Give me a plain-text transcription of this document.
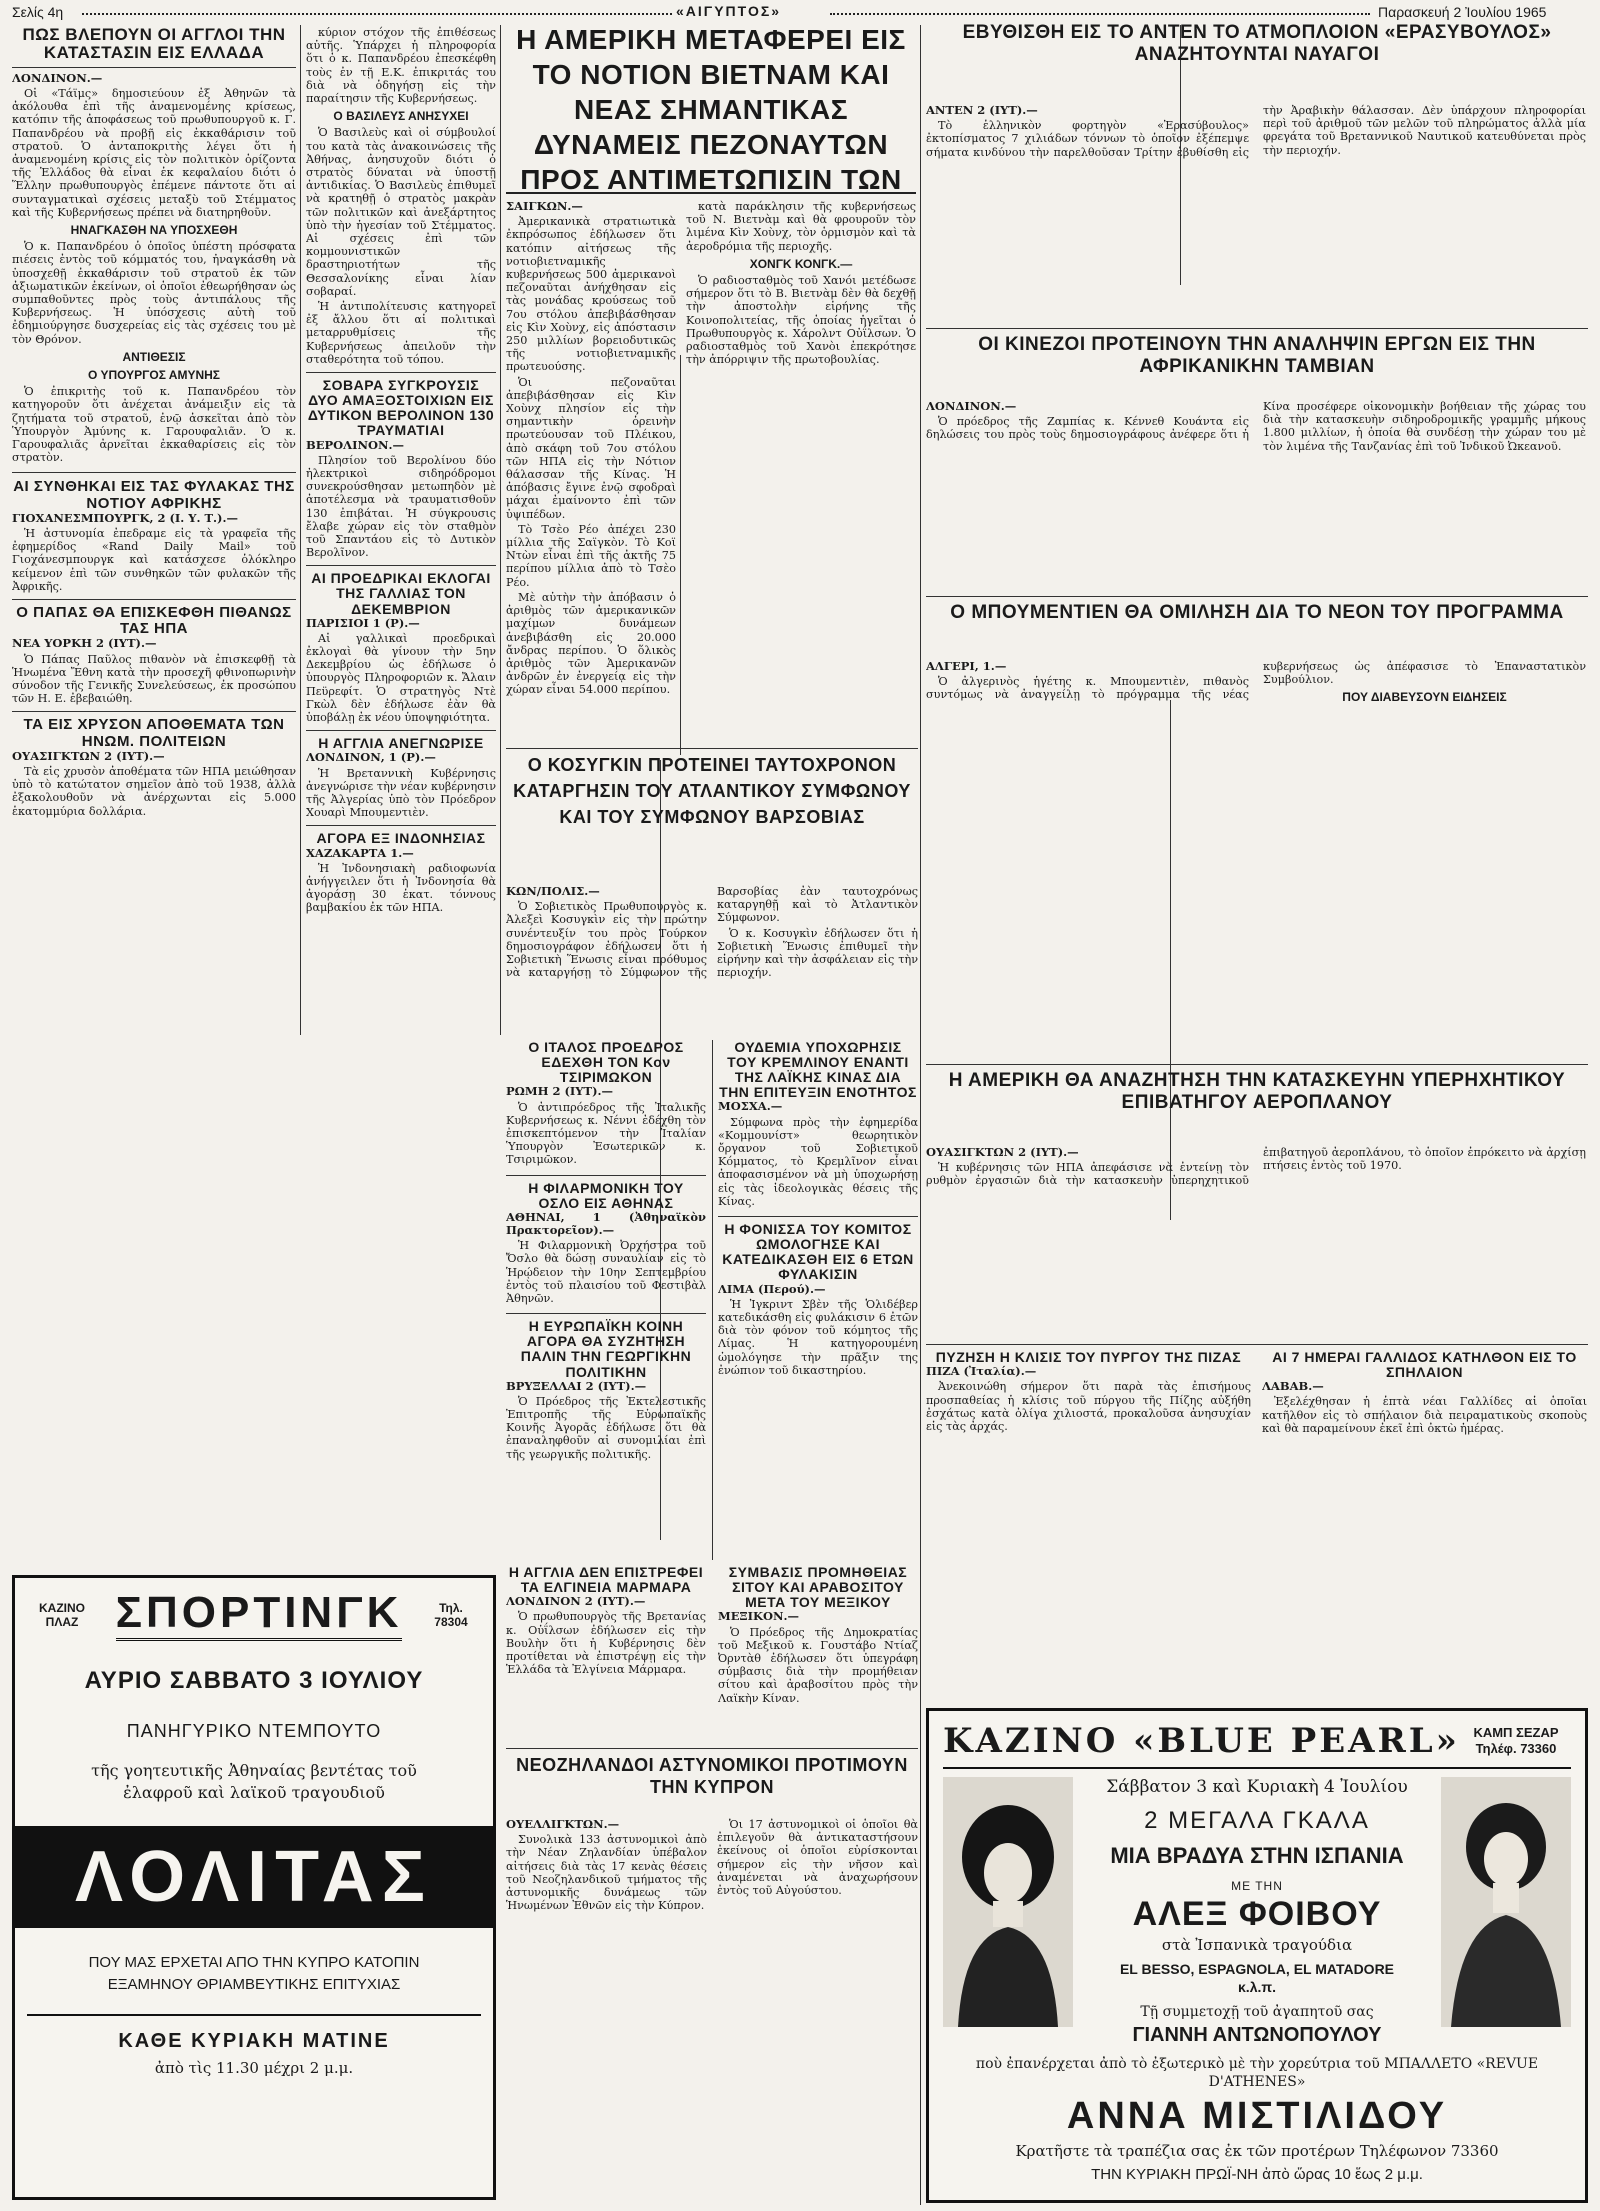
Σελίς 4η	«ΑΙΓΥΠΤΟΣ»	Παρασκευή 2 Ἰουλίου 1965
ΠΩΣ ΒΛΕΠΟΥΝ ΟΙ ΑΓΓΛΟΙ ΤΗΝ ΚΑΤΑΣΤΑΣΙΝ ΕΙΣ ΕΛΛΑΔΑ
ΛΟΝΔΙΝΟΝ.—

Οἱ «Τάϊμς» δημοσιεύουν ἐξ Ἀθηνῶν τὰ ἀκόλουθα ἐπὶ τῆς ἀναμενομένης κρίσεως, κατόπιν τῆς ἀποφάσεως τοῦ πρωθυπουργοῦ κ. Γ. Παπανδρέου νὰ προβῇ εἰς ἐκκαθάρισιν τοῦ στρατοῦ. Ὁ ἀνταποκριτὴς λέγει ὅτι ἡ ἀναμενομένη κρίσις εἰς τὸν πολιτικὸν ὁρίζοντα τῆς Ἑλλάδος θὰ εἶναι ἐκ κεφαλαίου διότι ὁ Ἕλλην πρωθυπουργὸς ἐπέμενε πάντοτε ὅτι αἱ συνταγματικαὶ σχέσεις μεταξὺ τοῦ Στέμματος καὶ τῆς Κυβερνήσεως πρέπει νὰ διατηρηθοῦν.

ΗΝΑΓΚΑΣΘΗ ΝΑ ΥΠΟΣΧΕΘΗ

Ὁ κ. Παπανδρέου ὁ ὁποῖος ὑπέστη πρόσφατα πιέσεις ἐντὸς τοῦ κόμματός του, ἠναγκάσθη νὰ ὑποσχεθῇ ἐκκαθάρισιν τοῦ στρατοῦ ἐκ τῶν ἀξιωματικῶν ἐκείνων, οἱ ὁποῖοι ἐθεωρήθησαν ὡς συμπαθοῦντες πρὸς τοὺς ἀντιπάλους τῆς Κυβερνήσεως. Ἡ ὑπόσχεσις αὐτὴ τοῦ ἐδημιούργησε δυσχερείας εἰς τὰς σχέσεις του μὲ τὸν Θρόνον.

ΑΝΤΙΘΕΣΙΣ
Ο ΥΠΟΥΡΓΟΣ ΑΜΥΝΗΣ

Ὁ ἐπικριτὴς τοῦ κ. Παπανδρέου τὸν κατηγοροῦν ὅτι ἀνέχεται ἀνάμειξιν εἰς τὰ ζητήματα τοῦ στρατοῦ, ἐνῷ ἀσκεῖται ἀπὸ τὸν Ὑπουργὸν Ἀμύνης κ. Γαρουφαλιᾶν. Ὁ κ. Γαρουφαλιᾶς ἀρνεῖται ἐκκαθαρίσεις εἰς τὸν στρατὸν.

ΑΙ ΣΥΝΘΗΚΑΙ ΕΙΣ ΤΑΣ ΦΥΛΑΚΑΣ ΤΗΣ ΝΟΤΙΟΥ ΑΦΡΙΚΗΣ
ΓΙΟΧΑΝΕΣΜΠΟΥΡΓΚ, 2 (Ι. Υ. Τ.).—

Ἡ ἀστυνομία ἐπεδραμε εἰς τὰ γραφεῖα τῆς ἐφημερίδος «Rand Daily Mail» τοῦ Γιοχάνεσμπουργκ καὶ κατάσχεσε ὁλόκληρο κείμενον ἐπὶ τῶν συνθηκῶν τῶν φυλακῶν τῆς Ἀφρικῆς.

Ο ΠΑΠΑΣ ΘΑ ΕΠΙΣΚΕΦΘΗ ΠΙΘΑΝΩΣ ΤΑΣ ΗΠΑ
ΝΕΑ ΥΟΡΚΗ 2 (ΙΥΤ).—

Ὁ Πάπας Παῦλος πιθανὸν νὰ ἐπισκεφθῇ τὰ Ἡνωμένα Ἔθνη κατὰ τὴν προσεχῆ φθινοπωρινὴν σύνοδον τῆς Γενικῆς Συνελεύσεως, ἐκ προσώπου τῶν Η. Ε. ἐβεβαιώθη.

ΤΑ ΕΙΣ ΧΡΥΣΟΝ ΑΠΟΘΕΜΑΤΑ ΤΩΝ ΗΝΩΜ. ΠΟΛΙΤΕΙΩΝ
ΟΥΑΣΙΓΚΤΩΝ 2 (ΙΥΤ).—

Τὰ εἰς χρυσὸν ἀποθέματα τῶν ΗΠΑ μειώθησαν ὑπὸ τὸ κατώτατον σημεῖον ἀπὸ τοῦ 1938, ἀλλὰ ἐξακολουθοῦν νὰ ἀνέρχωνται εἰς 5.000 ἑκατομμύρια δολλάρια.

κύριον στόχον τῆς ἐπιθέσεως αὐτῆς. Ὑπάρχει ἡ πληροφορία ὅτι ὁ κ. Παπανδρέου ἐπεσκέφθη τοὺς ἐν τῇ Ε.Κ. ἐπικριτάς του διὰ νὰ ὁδηγήσῃ εἰς τὴν παραίτησιν τῆς Κυβερνήσεως.

Ο ΒΑΣΙΛΕΥΣ ΑΝΗΣΥΧΕΙ

Ὁ Βασιλεὺς καὶ οἱ σύμβουλοί του κατὰ τὰς ἀνακοινώσεις τῆς Ἀθήνας, ἀνησυχοῦν διότι ὁ στρατὸς δύναται νὰ ὑποστῇ ἀντιδικίας. Ὁ Βασιλεὺς ἐπιθυμεῖ νὰ κρατηθῇ ὁ στρατὸς μακρὰν τῶν πολιτικῶν καὶ ἀνεξάρτητος ὑπὸ τὴν ἡγεσίαν τοῦ Στέμματος. Αἱ σχέσεις ἐπὶ τῶν κομμουνιστικῶν δραστηριοτήτων τῆς Θεσσαλονίκης εἶναι λίαν σοβαραί.

Ἡ ἀντιπολίτευσις κατηγορεῖ ἐξ ἄλλου ὅτι αἱ πολιτικαὶ μεταρρυθμίσεις τῆς Κυβερνήσεως ἀπειλοῦν τὴν σταθερότητα τοῦ τόπου.

ΣΟΒΑΡΑ ΣΥΓΚΡΟΥΣΙΣ ΔΥΟ ΑΜΑΞΟΣΤΟΙΧΙΩΝ ΕΙΣ ΔΥΤΙΚΟΝ ΒΕΡΟΛΙΝΟΝ 130 ΤΡΑΥΜΑΤΙΑΙ
ΒΕΡΟΛΙΝΟΝ.—

Πλησίον τοῦ Βερολίνου δύο ἠλεκτρικοὶ σιδηρόδρομοι συνεκρούσθησαν μετωπηδὸν μὲ ἀποτέλεσμα νὰ τραυματισθοῦν 130 ἐπιβάται. Ἡ σύγκρουσις ἔλαβε χώραν εἰς τὸν σταθμὸν τοῦ Σπαντάου εἰς τὸ Δυτικὸν Βερολῖνον.

ΑΙ ΠΡΟΕΔΡΙΚΑΙ ΕΚΛΟΓΑΙ ΤΗΣ ΓΑΛΛΙΑΣ ΤΟΝ ΔΕΚΕΜΒΡΙΟΝ
ΠΑΡΙΣΙΟΙ 1 (Ρ).—

Αἱ γαλλικαὶ προεδρικαὶ ἐκλογαὶ θὰ γίνουν τὴν 5ην Δεκεμβρίου ὡς ἐδήλωσε ὁ ὑπουργὸς Πληροφοριῶν κ. Ἄλαιν Πεϋρεφίτ. Ὁ στρατηγὸς Ντὲ Γκὼλ δὲν ἐδήλωσε ἐὰν θὰ ὑποβάλῃ ἐκ νέου ὑποψηφιότητα.

Η ΑΓΓΛΙΑ ΑΝΕΓΝΩΡΙΣΕ
ΛΟΝΔΙΝΟΝ, 1 (Ρ).—

Ἡ Βρεταννικὴ Κυβέρνησις ἀνεγνώρισε τὴν νέαν κυβέρνησιν τῆς Ἀλγερίας ὑπὸ τὸν Πρόεδρον Χουαρὶ Μπουμεντιὲν.

ΑΓΟΡΑ ΕΞ ΙΝΔΟΝΗΣΙΑΣ
ΧΑΖΑΚΑΡΤΑ 1.—

Ἡ Ἰνδονησιακὴ ραδιοφωνία ἀνήγγειλεν ὅτι ἡ Ἰνδονησία θὰ ἀγοράσῃ 30 ἑκατ. τόννους βαμβακίου ἐκ τῶν ΗΠΑ.

Η ΑΜΕΡΙΚΗ ΜΕΤΑΦΕΡΕΙ ΕΙΣ ΤΟ ΝΟΤΙΟΝ ΒΙΕΤΝΑΜ ΚΑΙ ΝΕΑΣ ΣΗΜΑΝΤΙΚΑΣ ΔΥΝΑΜΕΙΣ ΠΕΖΟΝΑΥΤΩΝ ΠΡΟΣ ΑΝΤΙΜΕΤΩΠΙΣΙΝ ΤΩΝ
ΣΑΙΓΚΩΝ.—

Ἀμερικανικὰ στρατιωτικὰ ἐκπρόσωπος ἐδήλωσεν ὅτι κατόπιν αἰτήσεως τῆς νοτιοβιετναμικῆς κυβερνήσεως 500 ἀμερικανοὶ πεζοναῦται ἀνήχθησαν εἰς τὰς μονάδας κρούσεως τοῦ 7ου στόλου ἀπεβιβάσθησαν εἰς Κὶν Χοὺνχ, εἰς ἀπόστασιν 250 μιλλίων βορειοδυτικῶς τῆς νοτιοβιετναμικῆς πρωτευούσης.

Ὁι πεζοναῦται ἀπεβιβάσθησαν εἰς Κὶν Χοὺνχ πλησίον εἰς τὴν σημαντικὴν ὁρεινὴν πρωτεύουσαν τοῦ Πλέικου, ἀπὸ σκάφη τοῦ 7ου στόλου τῶν ΗΠΑ εἰς τὴν Νότιον θάλασσαν τῆς Κίνας. Ἡ ἀπόβασις ἔγινε ἐνῷ σφοδραὶ μάχαι ἐμαίνοντο ἐπὶ τῶν ὑψιπέδων.

Τὸ Τσὲο Ρέο ἀπέχει 230 μίλλια τῆς Σαϊγκὸν. Τὸ Κοϊ Ντὼν εἶναι ἐπὶ τῆς ἀκτῆς 75 περίπου μίλλια ἀπὸ τὸ Τσὲο Ρέο.

Μὲ αὐτὴν τὴν ἀπόβασιν ὁ ἀριθμὸς τῶν ἀμερικανικῶν μαχίμων δυνάμεων ἀνεβιβάσθη εἰς 20.000 ἄνδρας περίπου. Ὁ ὅλικὸς ἀριθμὸς τῶν Ἀμερικανῶν ἀνδρῶν ἐν ἐνεργείᾳ εἰς τὴν χώραν εἶναι 54.000 περίπου.

κατὰ παράκλησιν τῆς κυβερνήσεως τοῦ Ν. Βιετνὰμ καὶ θὰ φρουροῦν τὸν λιμένα Κὶν Χοὺνχ, τὸν ὁρμισμὸν καὶ τὰ ἀεροδρόμια τῆς περιοχῆς.

ΧΟΝΓΚ ΚΟΝΓΚ.—

Ὁ ραδιοσταθμὸς τοῦ Χανόι μετέδωσε σήμερον ὅτι τὸ Β. Βιετνὰμ δὲν θὰ δεχθῇ τὴν ἀποστολὴν εἰρήνης τῆς Κοινοπολιτείας, τῆς ὁποίας ἡγεῖται ὁ Πρωθυπουργὸς κ. Χάρολντ Οὐΐλσων. Ὁ ραδιοσταθμὸς τοῦ Χανὸι ἐπεκρότησε τὴν ἀπόρριψιν τῆς πρωτοβουλίας.

ΕΒΥΘΙΣΘΗ ΕΙΣ ΤΟ ΑΝΤΕΝ ΤΟ ΑΤΜΟΠΛΟΙΟΝ «ΕΡΑΣΥΒΟΥΛΟΣ» ΑΝΑΖΗΤΟΥΝΤΑΙ ΝΑΥΑΓΟΙ
ΑΝΤΕΝ 2 (ΙΥΤ).—

Τὸ ἑλληνικὸν φορτηγὸν «Ἐρασύβουλος» ἐκτοπίσματος 7 χιλιάδων τόννων τὸ ὁποῖον ἐξέπεμψε σήματα κινδύνου τὴν παρελθοῦσαν Τρίτην ἐβυθίσθη εἰς τὴν Ἀραβικὴν θάλασσαν. Δὲν ὑπάρχουν πληροφορίαι περὶ τοῦ ἀριθμοῦ τῶν μελῶν τοῦ πληρώματος ἀλλὰ μία φρεγάτα τοῦ Βρεταννικοῦ Ναυτικοῦ κατευθύνεται πρὸς τὴν περιοχήν.

ΟΙ ΚΙΝΕΖΟΙ ΠΡΟΤΕΙΝΟΥΝ ΤΗΝ ΑΝΑΛΗΨΙΝ ΕΡΓΩΝ ΕΙΣ ΤΗΝ ΑΦΡΙΚΑΝΙΚΗΝ ΤΑΜΒΙΑΝ
ΛΟΝΔΙΝΟΝ.—

Ὁ πρόεδρος τῆς Ζαμπίας κ. Κέννεθ Κουάντα εἰς δηλώσεις του πρὸς τοὺς δημοσιογράφους ἀνέφερε ὅτι ἡ Κίνα προσέφερε οἰκονομικὴν βοήθειαν τῆς χώρας του διὰ τὴν κατασκευὴν σιδηροδρομικῆς γραμμῆς μήκους 1.800 μιλλίων, ἡ ὁποία θὰ συνδέσῃ τὴν χώραν του μὲ τὸν λιμένα τῆς Τανζανίας ἐπὶ τοῦ Ἰνδικοῦ Ὠκεανοῦ.

Ο ΜΠΟΥΜΕΝΤΙΕΝ ΘΑ ΟΜΙΛΗΣΗ ΔΙΑ ΤΟ ΝΕΟΝ ΤΟΥ ΠΡΟΓΡΑΜΜΑ
ΑΛΓΕΡΙ, 1.—

Ὁ ἀλγερινὸς ἡγέτης κ. Μπουμεντιὲν, πιθανὸς συντόμως νὰ ἀναγγείλῃ τὸ πρόγραμμα τῆς νέας κυβερνήσεως ὡς ἀπέφασισε τὸ Ἐπαναστατικὸν Συμβούλιον.

ΠΟΥ ΔΙΑΒΕΥΣΟΥΝ ΕΙΔΗΣΕΙΣ
Η ΑΜΕΡΙΚΗ ΘΑ ΑΝΑΖΗΤΗΣΗ ΤΗΝ ΚΑΤΑΣΚΕΥΗΝ ΥΠΕΡΗΧΗΤΙΚΟΥ ΕΠΙΒΑΤΗΓΟΥ ΑΕΡΟΠΛΑΝΟΥ
ΟΥΑΣΙΓΚΤΩΝ 2 (ΙΥΤ).—

Ἡ κυβέρνησις τῶν ΗΠΑ ἀπεφάσισε νὰ ἐντείνῃ τὸν ρυθμὸν ἐργασιῶν διὰ τὴν κατασκευὴν ὑπερηχητικοῦ ἐπιβατηγοῦ ἀεροπλάνου, τὸ ὁποῖον ἐπρόκειτο νὰ ἀρχίσῃ πτήσεις ἐντὸς τοῦ 1970.

ΠΥΖΗΣΗ Η ΚΛΙΣΙΣ ΤΟΥ ΠΥΡΓΟΥ ΤΗΣ ΠΙΖΑΣ
ΠΙΖΑ (Ἰταλία).—

Ἀνεκοινώθη σήμερον ὅτι παρὰ τὰς ἐπισήμους προσπαθείας ἡ κλίσις τοῦ πύργου τῆς Πίζης αὐξήθη ἐσχάτως κατὰ ὀλίγα χιλιοστά, προκαλοῦσα ἀνησυχίαν εἰς τὰς ἀρχάς.

ΑΙ 7 ΗΜΕΡΑΙ ΓΑΛΛΙΔΟΣ ΚΑΤΗΛΘΟΝ ΕΙΣ ΤΟ ΣΠΗΛΑΙΟΝ
ΛΑΒΑΒ.—

Ἐξελέχθησαν ἡ ἑπτὰ νέαι Γαλλίδες αἱ ὁποῖαι κατῆλθον εἰς τὸ σπήλαιον διὰ πειραματικοὺς σκοποὺς καὶ θὰ παραμείνουν ἐκεῖ ἐπὶ ὀκτὼ ἡμέρας.

Ο ΚΟΣΥΓΚΙΝ ΠΡΟΤΕΙΝΕΙ ΤΑΥΤΟΧΡΟΝΟΝ ΚΑΤΑΡΓΗΣΙΝ ΤΟΥ ΑΤΛΑΝΤΙΚΟΥ ΣΥΜΦΩΝΟΥ ΚΑΙ ΤΟΥ ΣΥΜΦΩΝΟΥ ΒΑΡΣΟΒΙΑΣ
ΚΩΝ/ΠΟΛΙΣ.—

Ὁ Σοβιετικὸς Πρωθυπουργὸς κ. Ἀλεξεὶ Κοσυγκὶν εἰς τὴν πρώτην συνέντευξίν του πρὸς Τούρκον δημοσιογράφον ἐδήλωσεν ὅτι ἡ Σοβιετικὴ Ἕνωσις εἶναι πρόθυμος νὰ καταργήσῃ τὸ Σύμφωνον τῆς Βαρσοβίας ἐὰν ταυτοχρόνως καταργηθῇ καὶ τὸ Ἀτλαντικὸν Σύμφωνον.

Ὁ κ. Κοσυγκὶν ἐδήλωσεν ὅτι ἡ Σοβιετικὴ Ἕνωσις ἐπιθυμεῖ τὴν εἰρήνην καὶ τὴν ἀσφάλειαν εἰς τὴν περιοχήν.

Ο ΙΤΑΛΟΣ ΠΡΟΕΔΡΟΣ ΕΔΕΧΘΗ ΤΟΝ Κον ΤΣΙΡΙΜΩΚΟΝ
ΡΩΜΗ 2 (ΙΥΤ).—

Ὁ ἀντιπρόεδρος τῆς Ἰταλικῆς Κυβερνήσεως κ. Νέννι ἐδέχθη τὸν ἐπισκεπτόμενον τὴν Ἰταλίαν Ὑπουργὸν Ἐσωτερικῶν κ. Τσιριμῶκον.

Η ΦΙΛΑΡΜΟΝΙΚΗ ΤΟΥ ΟΣΛΟ ΕΙΣ ΑΘΗΝΑΣ
ΑΘΗΝΑΙ, 1 (Ἀθηναϊκὸν Πρακτορεῖον).—

Ἡ Φιλαρμονικὴ Ὀρχήστρα τοῦ Ὄσλο θὰ δώσῃ συναυλίαν εἰς τὸ Ἡρῴδειον τὴν 10ην Σεπτεμβρίου ἐντὸς τοῦ πλαισίου τοῦ Φεστιβὰλ Ἀθηνῶν.

Η ΕΥΡΩΠΑΪΚΗ ΚΟΙΝΗ ΑΓΟΡΑ ΘΑ ΣΥΖΗΤΗΣΗ ΠΑΛΙΝ ΤΗΝ ΓΕΩΡΓΙΚΗΝ ΠΟΛΙΤΙΚΗΝ
ΒΡΥΞΕΛΛΑΙ 2 (ΙΥΤ).—

Ὁ Πρόεδρος τῆς Ἐκτελεστικῆς Ἐπιτροπῆς τῆς Εὐρωπαϊκῆς Κοινῆς Ἀγορᾶς ἐδήλωσε ὅτι θὰ ἐπαναληφθοῦν αἱ συνομιλίαι ἐπὶ τῆς γεωργικῆς πολιτικῆς.

ΟΥΔΕΜΙΑ ΥΠΟΧΩΡΗΣΙΣ ΤΟΥ ΚΡΕΜΛΙΝΟΥ ΕΝΑΝΤΙ ΤΗΣ ΛΑΪΚΗΣ ΚΙΝΑΣ ΔΙΑ ΤΗΝ ΕΠΙΤΕΥΞΙΝ ΕΝΟΤΗΤΟΣ
ΜΟΣΧΑ.—

Σύμφωνα πρὸς τὴν ἐφημερίδα «Κομμουνίστ» θεωρητικὸν ὄργανον τοῦ Σοβιετικοῦ Κόμματος, τὸ Κρεμλῖνον εἶναι ἀποφασισμένον νὰ μὴ ὑποχωρήσῃ εἰς τὰς ἰδεολογικὰς θέσεις τῆς Κίνας.

Η ΦΟΝΙΣΣΑ ΤΟΥ ΚΟΜΙΤΟΣ ΩΜΟΛΟΓΗΣΕ ΚΑΙ ΚΑΤΕΔΙΚΑΣΘΗ ΕΙΣ 6 ΕΤΩΝ ΦΥΛΑΚΙΣΙΝ
ΛΙΜΑ (Περού).—

Ἡ Ἰγκριντ Σβὲν τῆς Ὁλιδέβερ κατεδικάσθη εἰς φυλάκισιν 6 ἐτῶν διὰ τὸν φόνον τοῦ κόμητος τῆς Λίμας. Ἡ κατηγορουμένη ὡμολόγησε τὴν πρᾶξιν της ἐνώπιον τοῦ δικαστηρίου.

Η ΑΓΓΛΙΑ ΔΕΝ ΕΠΙΣΤΡΕΦΕΙ ΤΑ ΕΛΓΙΝΕΙΑ ΜΑΡΜΑΡΑ
ΛΟΝΔΙΝΟΝ 2 (ΙΥΤ).—

Ὁ πρωθυπουργὸς τῆς Βρετανίας κ. Οὐΐλσων ἐδήλωσεν εἰς τὴν Βουλὴν ὅτι ἡ Κυβέρνησις δὲν προτίθεται νὰ ἐπιστρέψῃ εἰς τὴν Ἑλλάδα τὰ Ἐλγίνεια Μάρμαρα.

ΣΥΜΒΑΣΙΣ ΠΡΟΜΗΘΕΙΑΣ ΣΙΤΟΥ ΚΑΙ ΑΡΑΒΟΣΙΤΟΥ ΜΕΤΑ ΤΟΥ ΜΕΞΙΚΟΥ
ΜΕΞΙΚΟΝ.—

Ὁ Πρόεδρος τῆς Δημοκρατίας τοῦ Μεξικοῦ κ. Γουστάβο Ντίαζ Ὀρντὰθ ἐδήλωσεν ὅτι ὑπεγράφη σύμβασις διὰ τὴν προμήθειαν σίτου καὶ ἀραβοσίτου πρὸς τὴν Λαϊκὴν Κίναν.

ΝΕΟΖΗΛΑΝΔΟΙ ΑΣΤΥΝΟΜΙΚΟΙ ΠΡΟΤΙΜΟΥΝ ΤΗΝ ΚΥΠΡΟΝ
ΟΥΕΛΛΙΓΚΤΩΝ.—

Συνολικὰ 133 ἀστυνομικοὶ ἀπὸ τὴν Νέαν Ζηλανδίαν ὑπέβαλον αἰτήσεις διὰ τὰς 17 κενὰς θέσεις τοῦ Νεοζηλανδικοῦ τμήματος τῆς ἀστυνομικῆς δυνάμεως τῶν Ἡνωμένων Ἐθνῶν εἰς τὴν Κύπρον.

Ὁι 17 ἀστυνομικοὶ οἱ ὁποῖοι θὰ ἐπιλεγοῦν θὰ ἀντικαταστήσουν ἐκείνους οἱ ὁποῖοι εὑρίσκονται σήμερον εἰς τὴν νῆσον καὶ ἀναμένεται νὰ ἀναχωρήσουν ἐντὸς τοῦ Αὐγούστου.

ΚΑΖΙΝΟ ΠΛΑΖ ΣΠΟΡΤΙΝΓΚ	Τηλ. 78304
ΑΥΡΙΟ ΣΑΒΒΑΤΟ 3 ΙΟΥΛΙΟΥ
ΠΑΝΗΓΥΡΙΚΟ ΝΤΕΜΠΟΥΤΟ
τῆς γοητευτικῆς Ἀθηναίας βεντέτας τοῦ ἐλαφροῦ καὶ λαϊκοῦ τραγουδιοῦ
ΛΟΛΙΤΑΣ
ΠΟΥ ΜΑΣ ΕΡΧΕΤΑΙ ΑΠΟ ΤΗΝ ΚΥΠΡΟ ΚΑΤΟΠΙΝ ΕΞΑΜΗΝΟΥ ΘΡΙΑΜΒΕΥΤΙΚΗΣ ΕΠΙΤΥΧΙΑΣ
ΚΑΘΕ ΚΥΡΙΑΚΗ ΜΑΤΙΝΕ
ἀπὸ τὶς 11.30 μέχρι 2 μ.μ.
ΚΑΖΙΝΟ «BLUE PEARL»	ΚΑΜΠ ΣΕΖΑΡ Τηλέφ. 73360
Σάββατον 3 καὶ Κυριακὴ 4 Ἰουλίου
2 ΜΕΓΑΛΑ ΓΚΑΛΑ
ΜΙΑ ΒΡΑΔΥΑ ΣΤΗΝ ΙΣΠΑΝΙΑ
ΜΕ ΤΗΝ
ΑΛΕΞ ΦΟΙΒΟΥ
στὰ Ἰσπανικὰ τραγούδια
EL BESSO, ESPAGNOLA, EL MATADORE κ.λ.π.
Τῇ συμμετοχῇ τοῦ ἀγαπητοῦ σας
ΓΙΑΝΝΗ ΑΝΤΩΝΟΠΟΥΛΟΥ
ποὺ ἐπανέρχεται ἀπὸ τὸ ἐξωτερικὸ μὲ τὴν χορεύτρια τοῦ ΜΠΑΛΛΕΤΟ «REVUE D'ATHENES»
ΑΝΝΑ ΜΙΣΤΙΛΙΔΟΥ
Κρατῆστε τὰ τραπέζια σας ἐκ τῶν προτέρων Τηλέφωνον 73360
ΤΗΝ ΚΥΡΙΑΚΗ ΠΡΩΪ-ΝΗ ἀπὸ ὥρας 10 ἕως 2 μ.μ.
